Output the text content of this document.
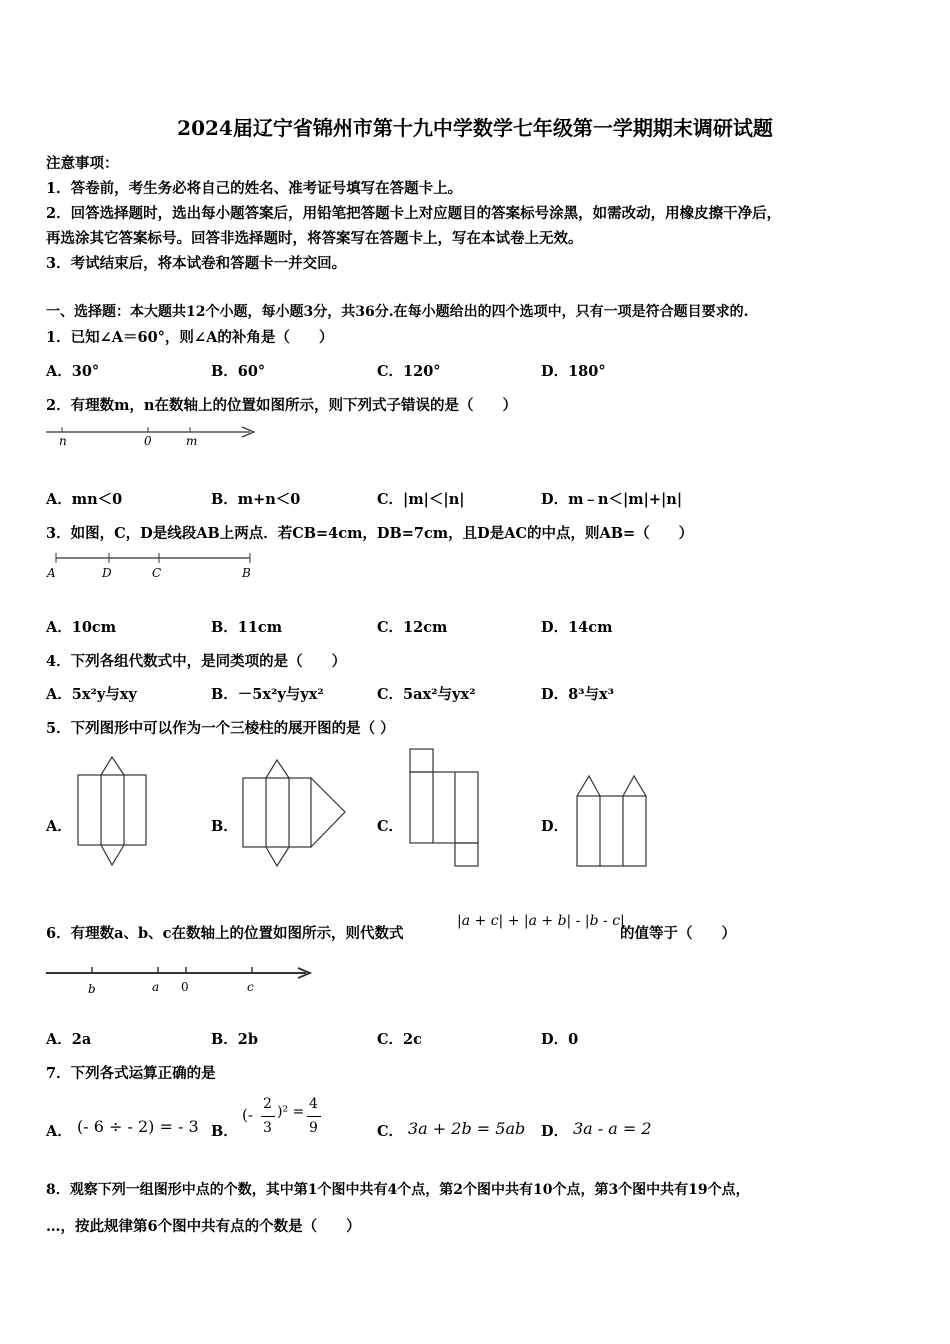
2024届辽宁省锦州市第十九中学数学七年级第一学期期末调研试题
注意事项：
1．答卷前，考生务必将自己的姓名、准考证号填写在答题卡上。
2．回答选择题时，选出每小题答案后，用铅笔把答题卡上对应题目的答案标号涂黑，如需改动，用橡皮擦干净后，
再选涂其它答案标号。回答非选择题时，将答案写在答题卡上，写在本试卷上无效。
3．考试结束后，将本试卷和答题卡一并交回。
一、选择题：本大题共12个小题，每小题3分，共36分.在每小题给出的四个选项中，只有一项是符合题目要求的.
1．已知∠A＝60°，则∠A的补角是（　　）
A．30°	B．60°	C．120°	D．180°
2．有理数m，n在数轴上的位置如图所示，则下列式子错误的是（　　）
n	0	m
A．mn＜0	B．m+n＜0	C．|m|＜|n|	D．m﹣n＜|m|+|n|
3．如图，C，D是线段AB上两点．若CB=4cm，DB=7cm，且D是AC的中点，则AB=（　　）
A	D	C	B
A．10cm	B．11cm	C．12cm	D．14cm
4．下列各组代数式中，是同类项的是（　　）
A．5x²y与xy	B．－5x²y与yx²	C．5ax²与yx²	D．8³与x³
5．下列图形中可以作为一个三棱柱的展开图的是（ ）
A．	B．	C．	D．
6．有理数a、b、c在数轴上的位置如图所示，则代数式
|a + c| + |a + b| - |b - c|
的值等于（　　）
b	a 0	c
A．2a	B．2b	C．2c	D．0
7．下列各式运算正确的是
A． (- 6 ÷ - 2) = - 3 B．
(-
2
3
)² = 4
9	C． 3a + 2b = 5ab D． 3a - a = 2
8．观察下列一组图形中点的个数，其中第1个图中共有4个点，第2个图中共有10个点，第3个图中共有19个点，
…，按此规律第6个图中共有点的个数是（　　）
